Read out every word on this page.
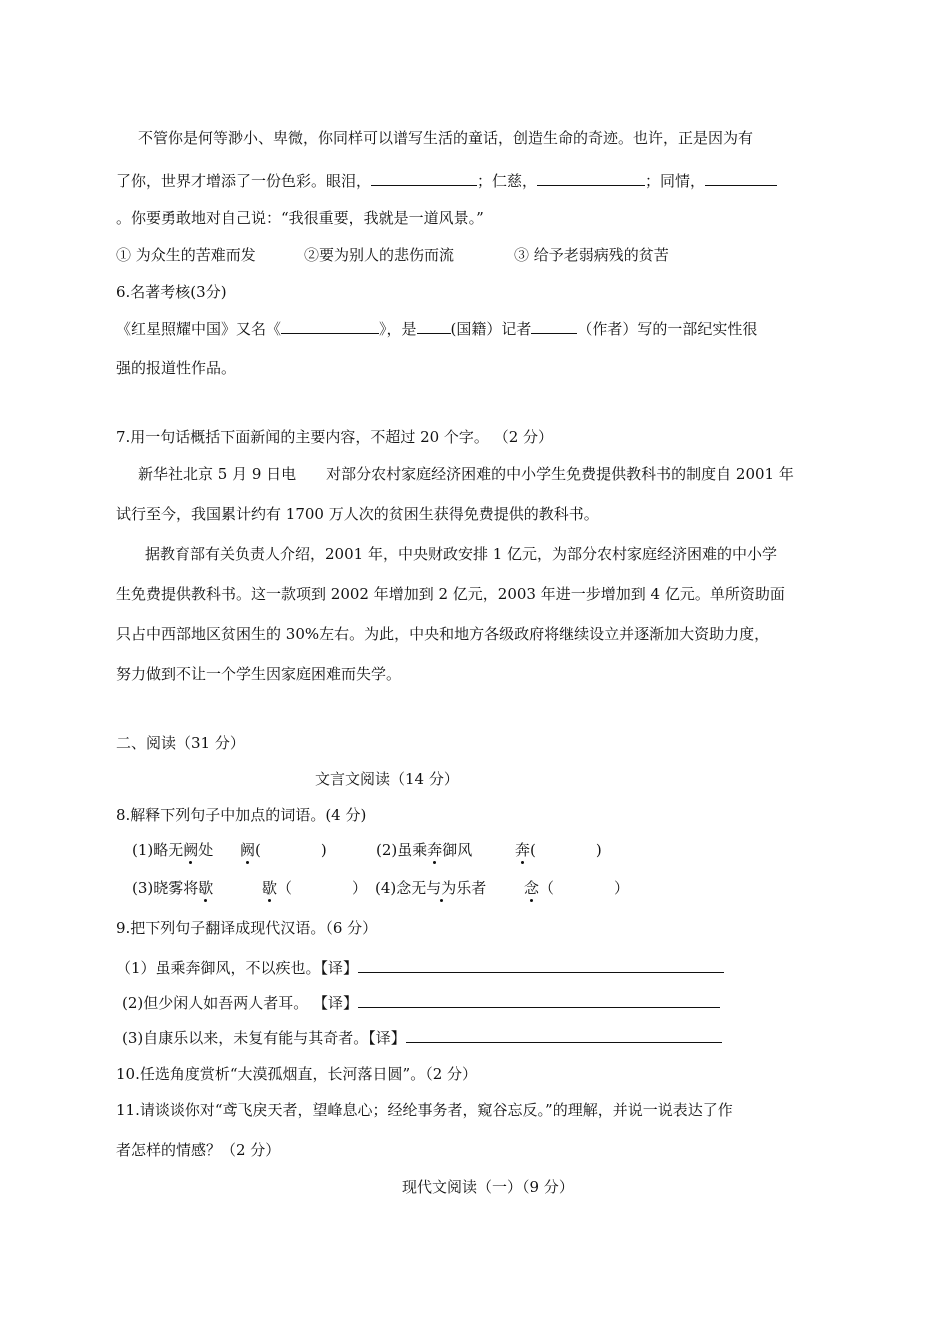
不管你是何等渺小、卑微，你同样可以谱写生活的童话，创造生命的奇迹。也许，正是因为有
了你，世界才增添了一份色彩。眼泪，	；仁慈，	；同情，
。你要勇敢地对自己说：“我很重要，我就是一道风景。”
① 为众生的苦难而发	②要为别人的悲伤而流	③ 给予老弱病残的贫苦
6.名著考核(3分)
《红星照耀中国》又名《	》，是 (国籍）记者	（作者）写的一部纪实性很
强的报道性作品。
7.用一句话概括下面新闻的主要内容，不超过 20 个字。 （2 分）
新华社北京 5 月 9 日电　　对部分农村家庭经济困难的中小学生免费提供教科书的制度自 2001 年
试行至今，我国累计约有 1700 万人次的贫困生获得免费提供的教科书。
据教育部有关负责人介绍，2001 年，中央财政安排 1 亿元，为部分农村家庭经济困难的中小学
生免费提供教科书。这一款项到 2002 年增加到 2 亿元，2003 年进一步增加到 4 亿元。单所资助面
只占中西部地区贫困生的 30%左右。为此，中央和地方各级政府将继续设立并逐渐加大资助力度，
努力做到不让一个学生因家庭困难而失学。
二、阅读（31 分）
文言文阅读（14 分）
8.解释下列句子中加点的词语。(4 分)
(1)略无阙处 阙(　　　　)	(2)虽乘奔御风	奔(　　　　)
(3)晓雾将歇	歇（　　　　） (4)念无与为乐者	念（　　　　）
9.把下列句子翻译成现代汉语。（6 分）
（1）虽乘奔御风，不以疾也。【译】
(2)但少闲人如吾两人者耳。 【译】
(3)自康乐以来，未复有能与其奇者。【译】
10.任选角度赏析“大漠孤烟直，长河落日圆”。（2 分）
11.请谈谈你对“鸢飞戾天者，望峰息心；经纶事务者，窥谷忘反。”的理解，并说一说表达了作
者怎样的情感？（2 分）
现代文阅读（一）（9 分）
